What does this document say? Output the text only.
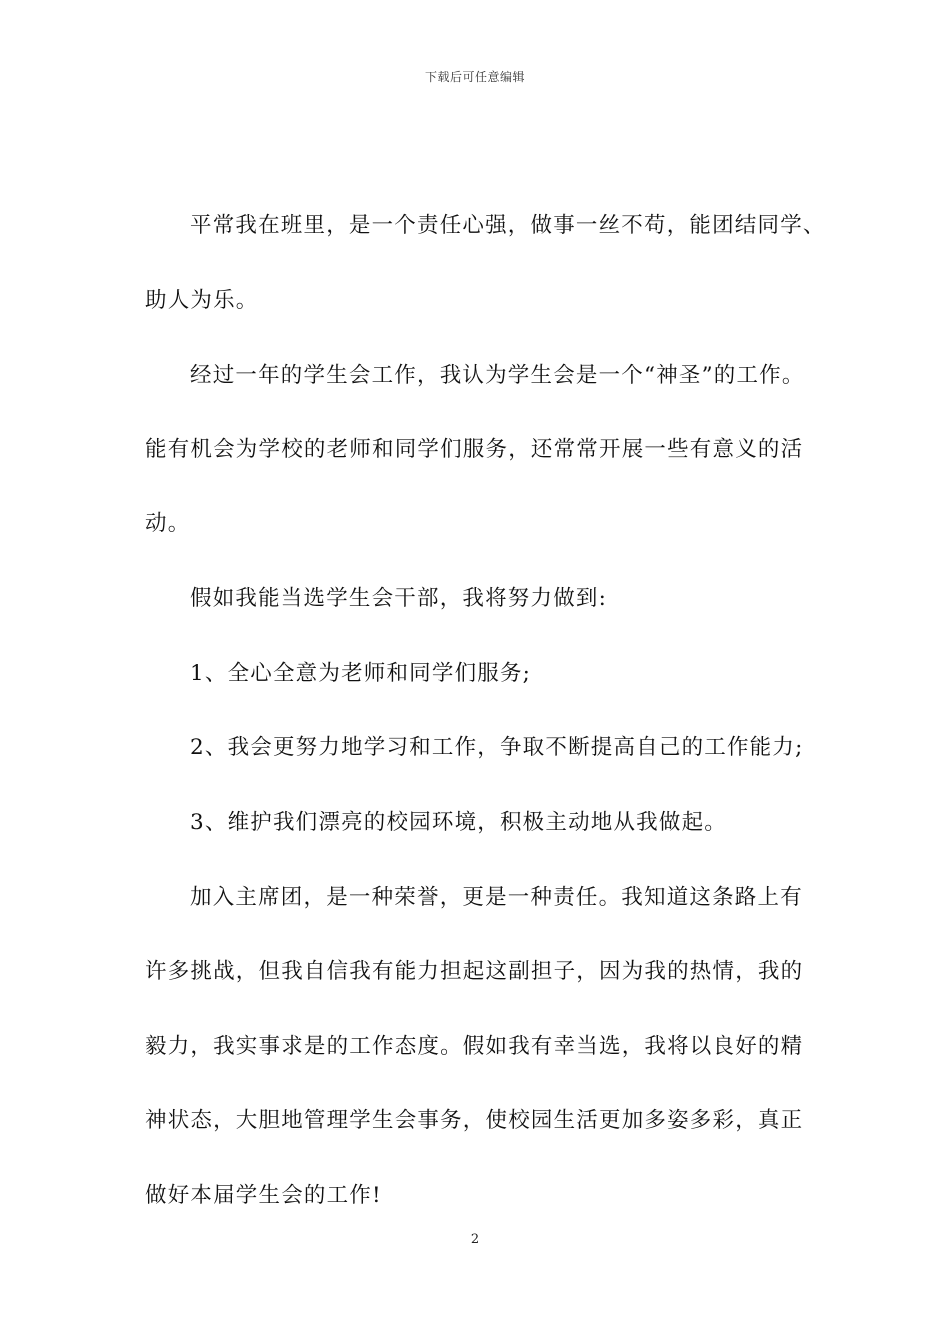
下载后可任意编辑
平常我在班里，是一个责任心强，做事一丝不苟，能团结同学、
助人为乐。
经过一年的学生会工作，我认为学生会是一个“神圣”的工作。
能有机会为学校的老师和同学们服务，还常常开展一些有意义的活
动。
假如我能当选学生会干部，我将努力做到:
1、全心全意为老师和同学们服务;
2、我会更努力地学习和工作，争取不断提高自己的工作能力;
3、维护我们漂亮的校园环境，积极主动地从我做起。
加入主席团，是一种荣誉，更是一种责任。我知道这条路上有
许多挑战，但我自信我有能力担起这副担子，因为我的热情，我的
毅力，我实事求是的工作态度。假如我有幸当选，我将以良好的精
神状态，大胆地管理学生会事务，使校园生活更加多姿多彩，真正
做好本届学生会的工作!
2
